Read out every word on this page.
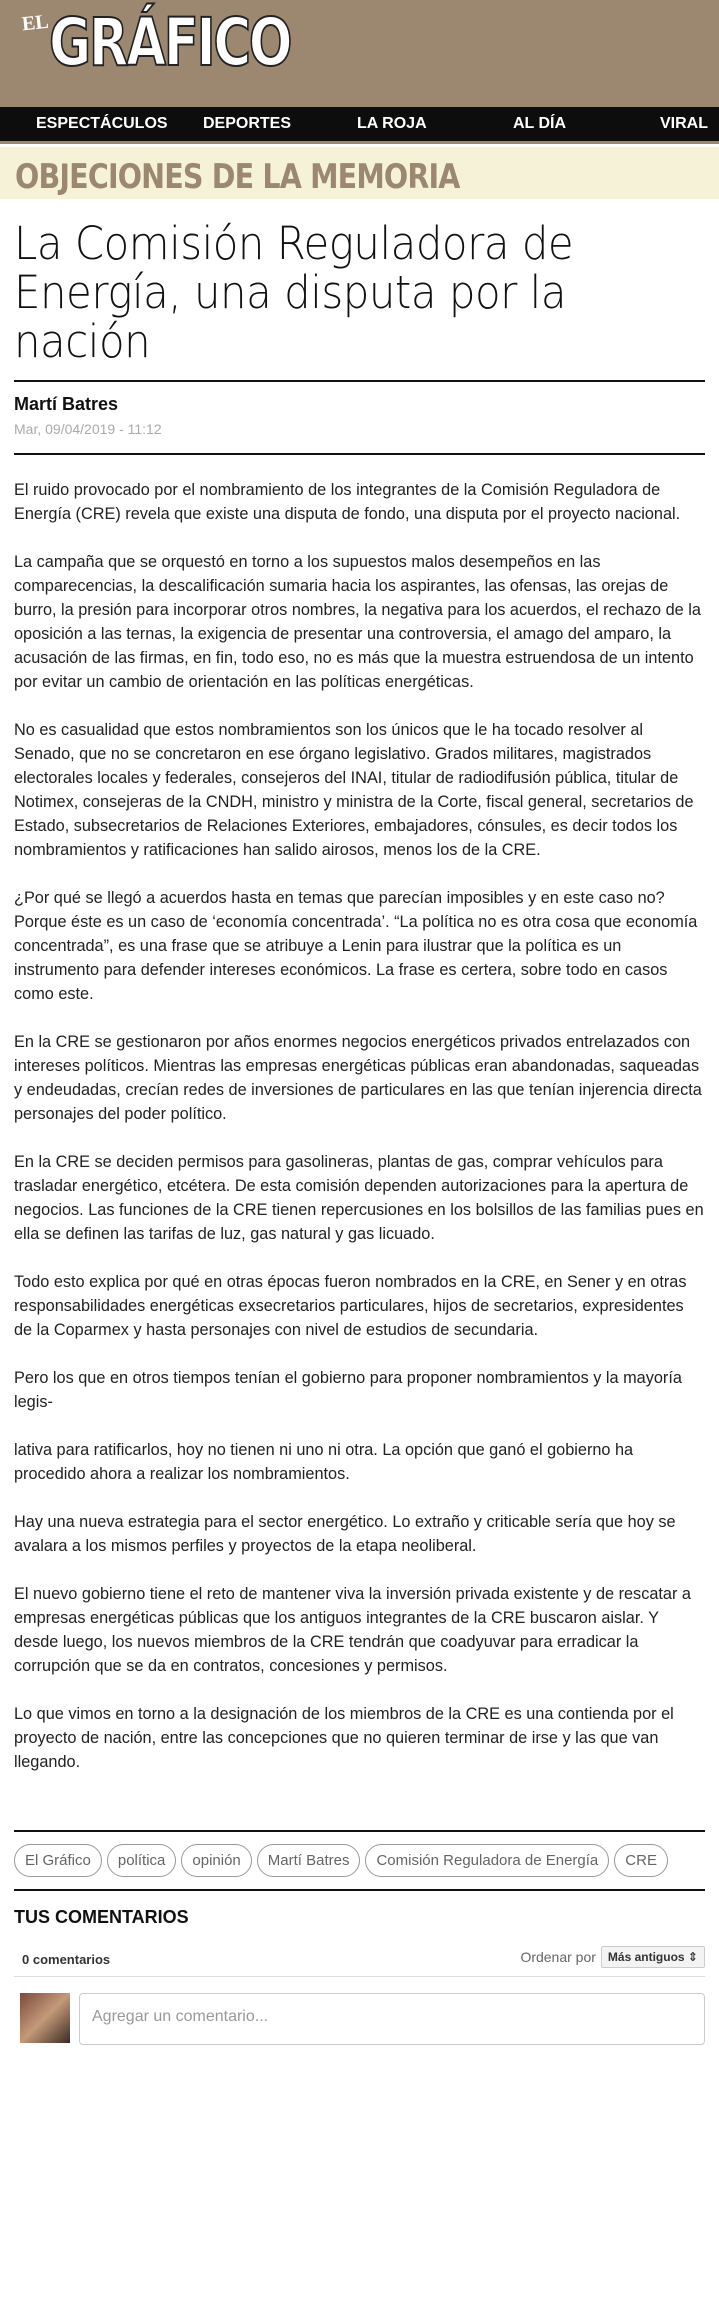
EL GRÁFICO
ESPECTÁCULOS DEPORTES	LA ROJA	AL DÍA	VIRAL
OBJECIONES DE LA MEMORIA
La Comisión Reguladora de Energía, una disputa por la nación
Martí Batres
Mar, 09/04/2019 - 11:12

El ruido provocado por el nombramiento de los integrantes de la Comisión Reguladora de Energía (CRE) revela que existe una disputa de fondo, una disputa por el proyecto nacional.

La campaña que se orquestó en torno a los supuestos malos desempeños en las comparecencias, la descalificación sumaria hacia los aspirantes, las ofensas, las orejas de burro, la presión para incorporar otros nombres, la negativa para los acuerdos, el rechazo de la oposición a las ternas, la exigencia de presentar una controversia, el amago del amparo, la acusación de las firmas, en fin, todo eso, no es más que la muestra estruendosa de un intento por evitar un cambio de orientación en las políticas energéticas.

No es casualidad que estos nombramientos son los únicos que le ha tocado resolver al Senado, que no se concretaron en ese órgano legislativo. Grados militares, magistrados electorales locales y federales, consejeros del INAI, titular de radiodifusión pública, titular de Notimex, consejeras de la CNDH, ministro y ministra de la Corte, fiscal general, secretarios de Estado, subsecretarios de Relaciones Exteriores, embajadores, cónsules, es decir todos los nombramientos y ratificaciones han salido airosos, menos los de la CRE.

¿Por qué se llegó a acuerdos hasta en temas que parecían imposibles y en este caso no? Porque éste es un caso de ‘economía concentrada’. “La política no es otra cosa que economía concentrada”, es una frase que se atribuye a Lenin para ilustrar que la política es un instrumento para defender intereses económicos. La frase es certera, sobre todo en casos como este.

En la CRE se gestionaron por años enormes negocios energéticos privados entrelazados con intereses políticos. Mientras las empresas energéticas públicas eran abandonadas, saqueadas y endeudadas, crecían redes de inversiones de particulares en las que tenían injerencia directa personajes del poder político.

En la CRE se deciden permisos para gasolineras, plantas de gas, comprar vehículos para trasladar energético, etcétera. De esta comisión dependen autorizaciones para la apertura de negocios. Las funciones de la CRE tienen repercusiones en los bolsillos de las familias pues en ella se definen las tarifas de luz, gas natural y gas licuado.

Todo esto explica por qué en otras épocas fueron nombrados en la CRE, en Sener y en otras responsabilidades energéticas exsecretarios particulares, hijos de secretarios, expresidentes de la Coparmex y hasta personajes con nivel de estudios de secundaria.

Pero los que en otros tiempos tenían el gobierno para proponer nombramientos y la mayoría legis-

lativa para ratificarlos, hoy no tienen ni uno ni otra. La opción que ganó el gobierno ha procedido ahora a realizar los nombramientos.

Hay una nueva estrategia para el sector energético. Lo extraño y criticable sería que hoy se avalara a los mismos perfiles y proyectos de la etapa neoliberal.

El nuevo gobierno tiene el reto de mantener viva la inversión privada existente y de rescatar a empresas energéticas públicas que los antiguos integrantes de la CRE buscaron aislar. Y desde luego, los nuevos miembros de la CRE tendrán que coadyuvar para erradicar la corrupción que se da en contratos, concesiones y permisos.

Lo que vimos en torno a la designación de los miembros de la CRE es una contienda por el proyecto de nación, entre las concepciones que no quieren terminar de irse y las que van llegando.

El Gráfico	política	opinión	Martí Batres	Comisión Reguladora de Energía	CRE
TUS COMENTARIOS
0 comentarios	Ordenar por	Más antiguos ⇕
Agregar un comentario...
